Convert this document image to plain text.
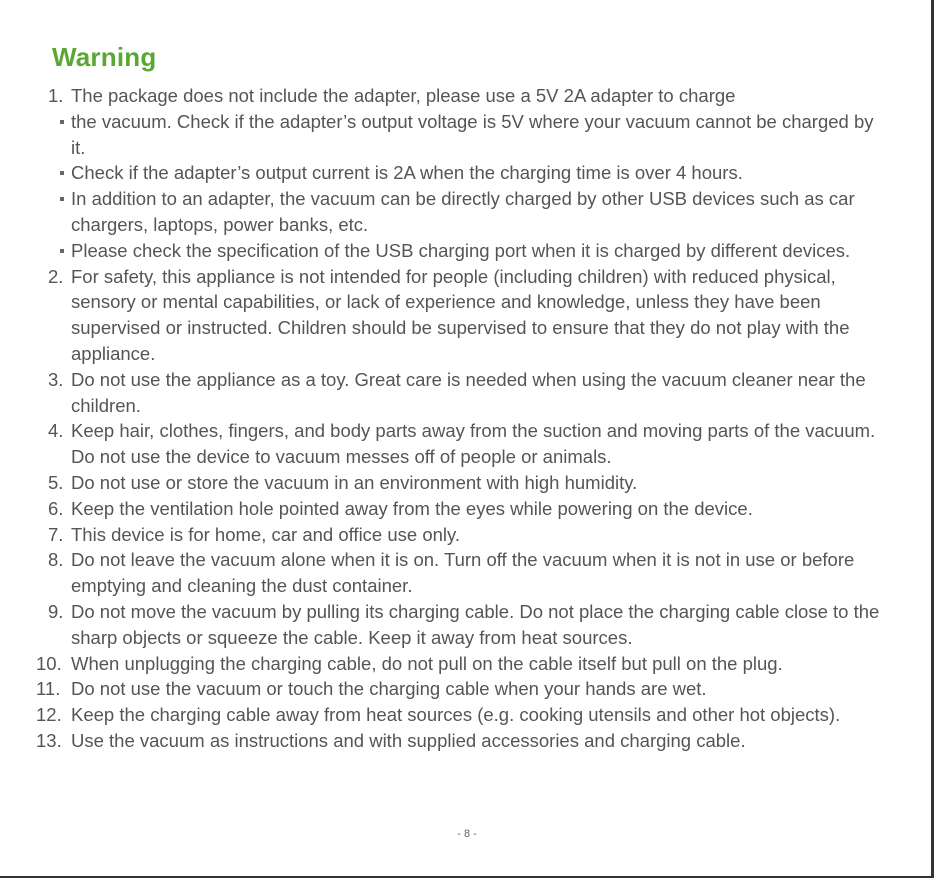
Warning
1. The package does not include the adapter, please use a 5V 2A adapter to charge
the vacuum. Check if the adapter’s output voltage is 5V where your vacuum cannot be charged by it.
Check if the adapter’s output current is 2A when the charging time is over 4 hours.
In addition to an adapter, the vacuum can be directly charged by other USB devices such as car chargers, laptops, power banks, etc.
Please check the specification of the USB charging port when it is charged by different devices.
2. For safety, this appliance is not intended for people (including children) with reduced physical, sensory or mental capabilities, or lack of experience and knowledge, unless they have been supervised or instructed. Children should be supervised to ensure that they do not play with the appliance.
3. Do not use the appliance as a toy. Great care is needed when using the vacuum cleaner near the children.
4. Keep hair, clothes, fingers, and body parts away from the suction and moving parts of the vacuum. Do not use the device to vacuum messes off of people or animals.
5. Do not use or store the vacuum in an environment with high humidity.
6. Keep the ventilation hole pointed away from the eyes while powering on the device.
7. This device is for home, car and office use only.
8. Do not leave the vacuum alone when it is on. Turn off the vacuum when it is not in use or before emptying and cleaning the dust container.
9. Do not move the vacuum by pulling its charging cable. Do not place the charging cable close to the sharp objects or squeeze the cable. Keep it away from heat sources.
10. When unplugging the charging cable, do not pull on the cable itself but pull on the plug.
11. Do not use the vacuum or touch the charging cable when your hands are wet.
12. Keep the charging cable away from heat sources (e.g. cooking utensils and other hot objects).
13. Use the vacuum as instructions and with supplied accessories and charging cable.
- 8 -
